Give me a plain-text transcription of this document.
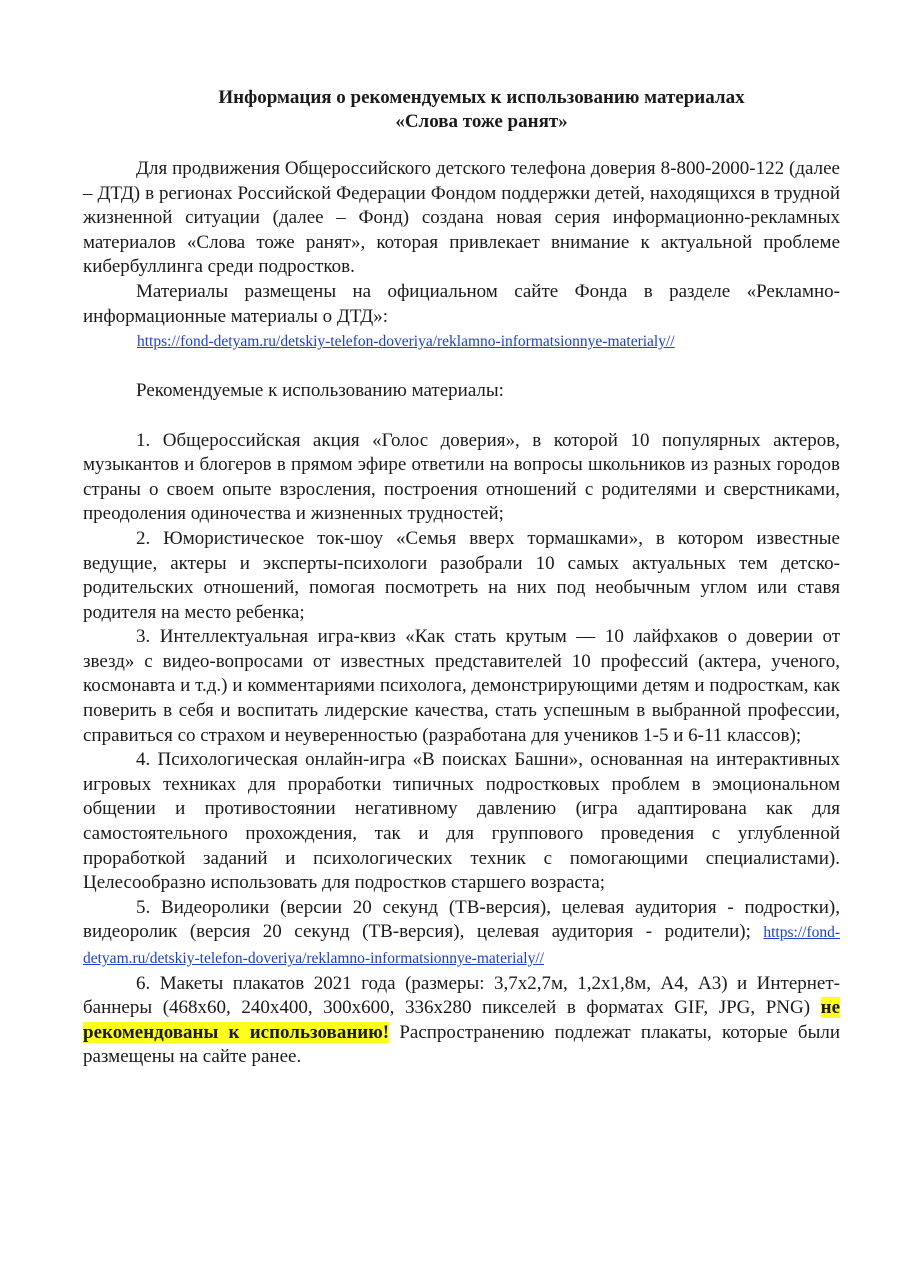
Информация о рекомендуемых к использованию материалах
«Слова тоже ранят»

Для продвижения Общероссийского детского телефона доверия 8-800-2000-122 (далее – ДТД) в регионах Российской Федерации Фондом поддержки детей, находящихся в трудной жизненной ситуации (далее – Фонд) создана новая серия информационно-рекламных материалов «Слова тоже ранят», которая привлекает внимание к актуальной проблеме кибербуллинга среди подростков.

Материалы размещены на официальном сайте Фонда в разделе «Рекламно-информационные материалы о ДТД»:

https://fond-detyam.ru/detskiy-telefon-doveriya/reklamno-informatsionnye-materialy//

Рекомендуемые к использованию материалы:

1. Общероссийская акция «Голос доверия», в которой 10 популярных актеров, музыкантов и блогеров в прямом эфире ответили на вопросы школьников из разных городов страны о своем опыте взросления, построения отношений с родителями и сверстниками, преодоления одиночества и жизненных трудностей;

2. Юмористическое ток-шоу «Семья вверх тормашками», в котором известные ведущие, актеры и эксперты-психологи разобрали 10 самых актуальных тем детско-родительских отношений, помогая посмотреть на них под необычным углом или ставя родителя на место ребенка;

3. Интеллектуальная игра-квиз «Как стать крутым — 10 лайфхаков о доверии от звезд» с видео-вопросами от известных представителей 10 профессий (актера, ученого, космонавта и т.д.) и комментариями психолога, демонстрирующими детям и подросткам, как поверить в себя и воспитать лидерские качества, стать успешным в выбранной профессии, справиться со страхом и неуверенностью (разработана для учеников 1-5 и 6-11 классов);

4. Психологическая онлайн-игра «В поисках Башни», основанная на интерактивных игровых техниках для проработки типичных подростковых проблем в эмоциональном общении и противостоянии негативному давлению (игра адаптирована как для самостоятельного прохождения, так и для группового проведения с углубленной проработкой заданий и психологических техник с помогающими специалистами). Целесообразно использовать для подростков старшего возраста;

5. Видеоролики (версии 20 секунд (ТВ-версия), целевая аудитория - подростки), видеоролик (версия 20 секунд (ТВ-версия), целевая аудитория - родители); https://fond-detyam.ru/detskiy-telefon-doveriya/reklamno-informatsionnye-materialy//

6. Макеты плакатов 2021 года (размеры: 3,7х2,7м, 1,2х1,8м, А4, А3) и Интернет-баннеры (468x60, 240x400, 300x600, 336x280 пикселей в форматах GIF, JPG, PNG) не рекомендованы к использованию! Распространению подлежат плакаты, которые были размещены на сайте ранее.
